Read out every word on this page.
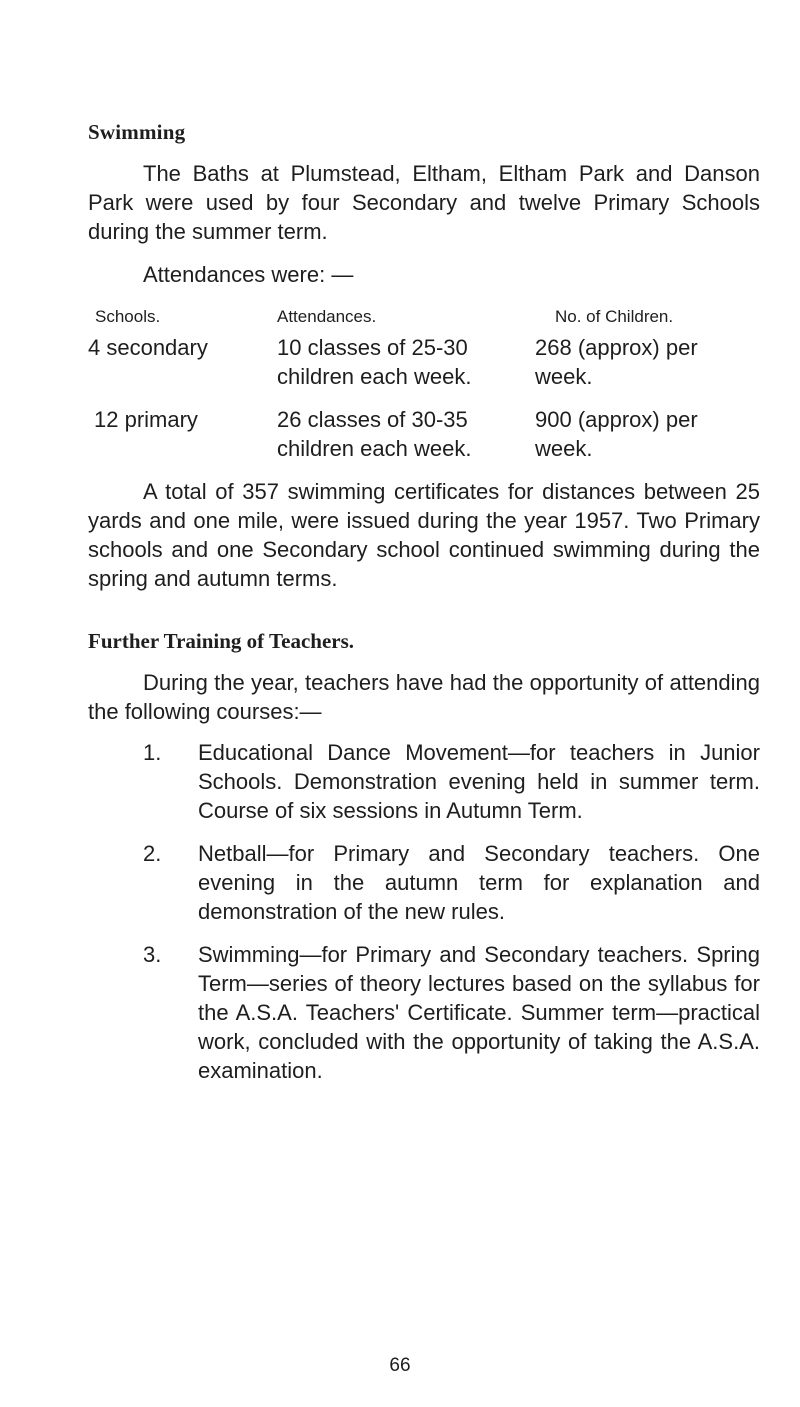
Swimming

The Baths at Plumstead, Eltham, Eltham Park and Danson Park were used by four Secondary and twelve Primary Schools during the summer term.

Attendances were: —

Schools.	Attendances.	No. of Children.
4 secondary	10 classes of 25-30 children each week.	268 (approx) per week.
12 primary	26 classes of 30-35 children each week.	900 (approx) per week.

A total of 357 swimming certificates for distances between 25 yards and one mile, were issued during the year 1957. Two Primary schools and one Secondary school continued swimming during the spring and autumn terms.

Further Training of Teachers.

During the year, teachers have had the opportunity of attending the following courses:—

1.	Educational Dance Movement—for teachers in Junior Schools. Demonstration evening held in summer term. Course of six sessions in Autumn Term.
2.	Netball—for Primary and Secondary teachers. One evening in the autumn term for explanation and demonstration of the new rules.
3.	Swimming—for Primary and Secondary teachers. Spring Term—series of theory lectures based on the syllabus for the A.S.A. Teachers' Certificate. Summer term—practical work, concluded with the opportunity of taking the A.S.A. examination.
66
